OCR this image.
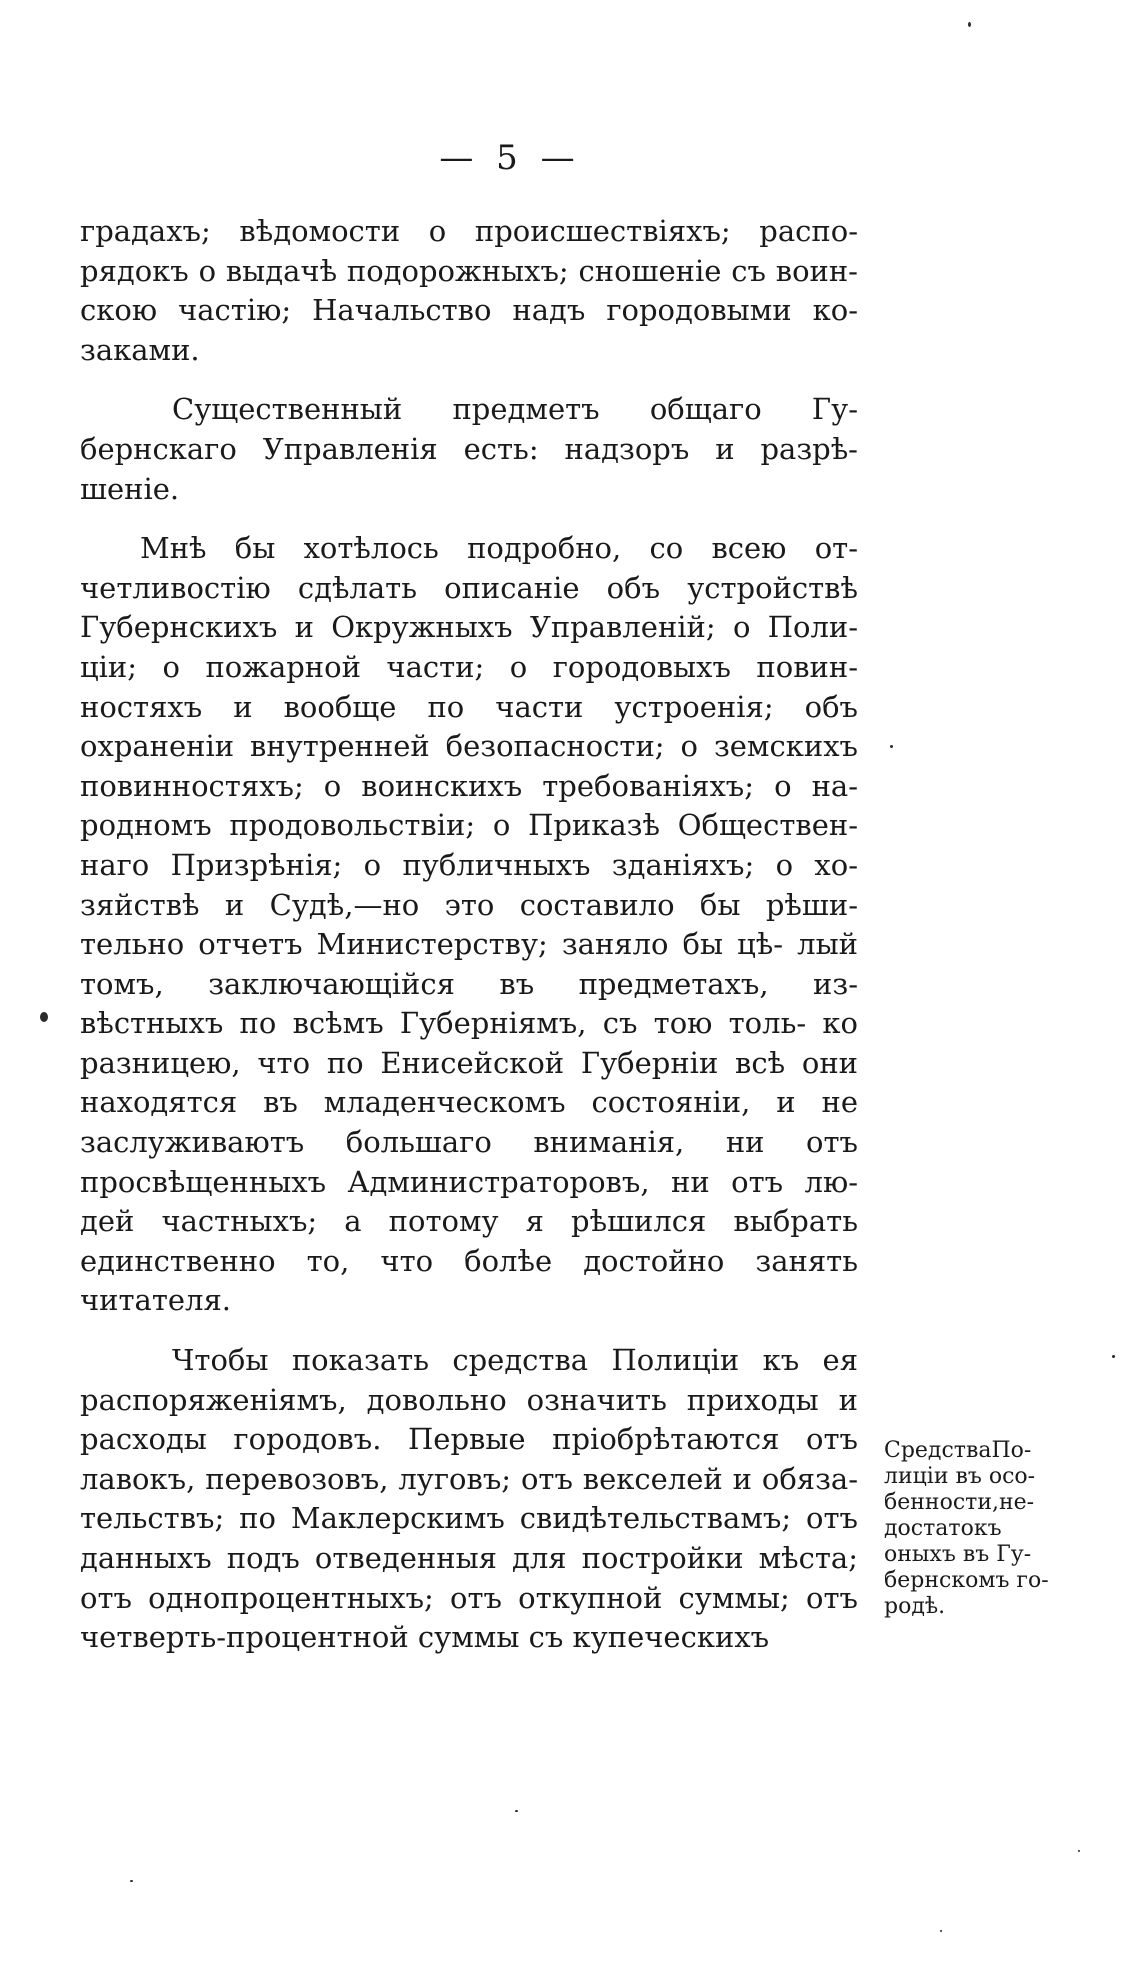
— 5 —

градахъ; вѣдомости о происшествіяхъ; распо- рядокъ о выдачѣ подорожныхъ; сношеніе съ воин- скою частію; Начальство надъ городовыми ко- заками.

Существенный предметъ общаго Гу- бернскаго Управленія есть: надзоръ и разрѣ- шеніе.

Мнѣ бы хотѣлось подробно, со всею от- четливостію сдѣлать описаніе объ устройствѣ Губернскихъ и Окружныхъ Управленій; о Поли- ціи; о пожарной части; о городовыхъ повин- ностяхъ и вообще по части устроенія; объ охраненіи внутренней безопасности; о земскихъ повинностяхъ; о воинскихъ требованіяхъ; о на- родномъ продовольствіи; о Приказѣ Обществен- наго Призрѣнія; о публичныхъ зданіяхъ; о хо- зяйствѣ и Судѣ,—но это составило бы рѣши- тельно отчетъ Министерству; заняло бы цѣ- лый томъ, заключающійся въ предметахъ, из- вѣстныхъ по всѣмъ Губерніямъ, съ тою толь- ко разницею, что по Енисейской Губерніи всѣ они находятся въ младенческомъ состояніи, и не заслуживаютъ большаго вниманія, ни отъ просвѣщенныхъ Администраторовъ, ни отъ лю- дей частныхъ; а потому я рѣшился выбрать единственно то, что болѣе достойно занять читателя.

Чтобы показать средства Полиціи къ ея распоряженіямъ, довольно означить приходы и расходы городовъ. Первые пріобрѣтаются отъ лавокъ, перевозовъ, луговъ; отъ векселей и обяза- тельствъ; по Маклерскимъ свидѣтельствамъ; отъ данныхъ подъ отведенныя для постройки мѣста; отъ однопроцентныхъ; отъ откупной суммы; отъ четверть-процентной суммы съ купеческихъ

СредстваПо-
лиціи въ осо-
бенности,не-
достатокъ
оныхъ въ Гу-
бернскомъ го-
родѣ.
